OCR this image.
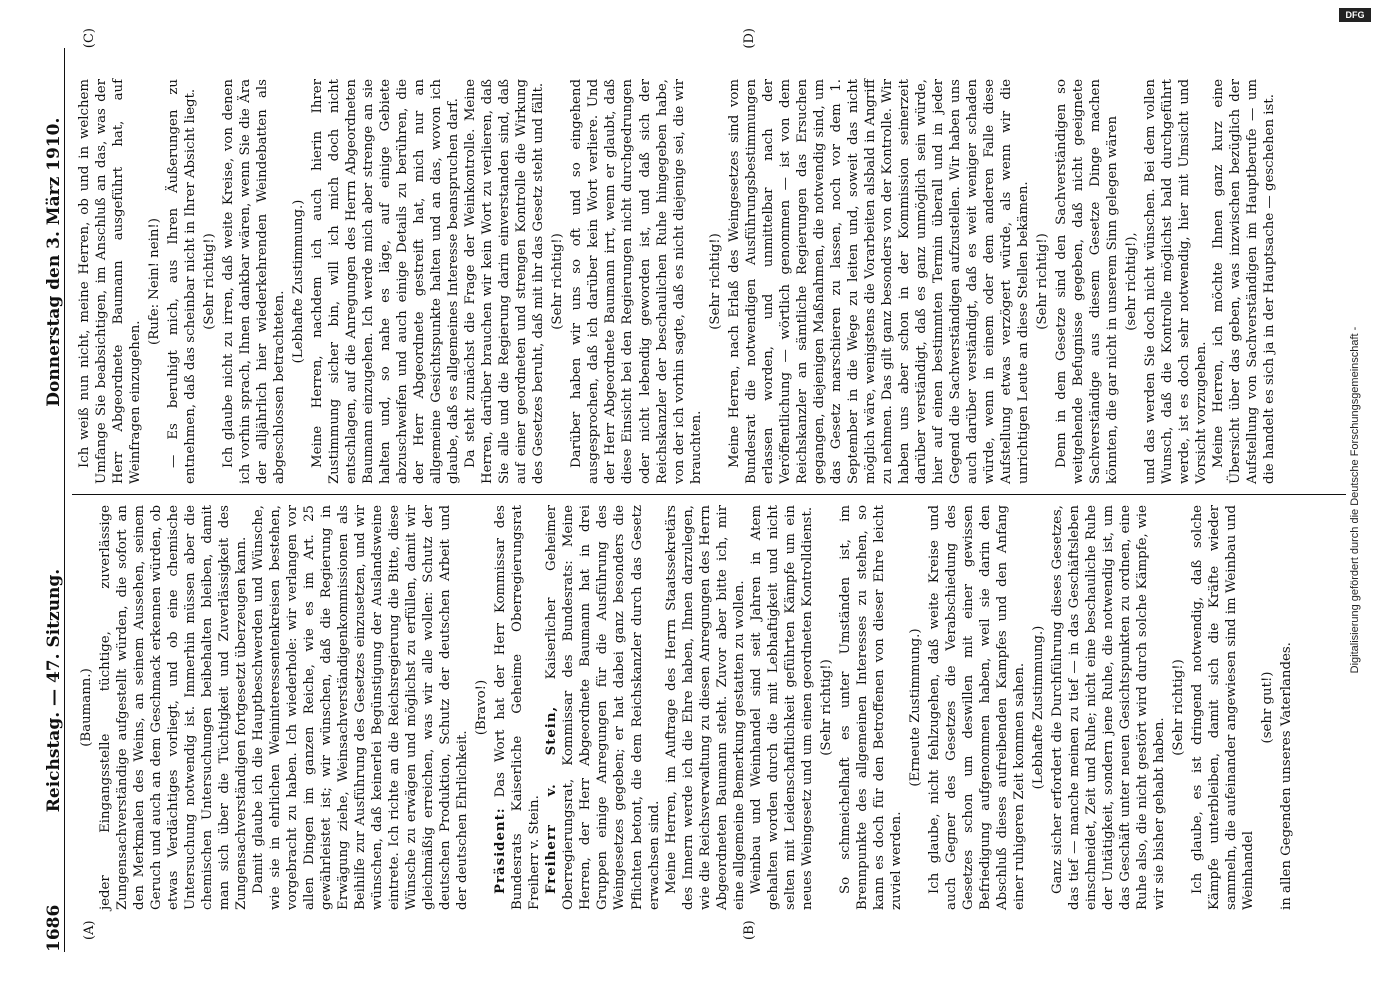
1686
Reichstag. — 47. Sitzung.
Donnerstag den 3. März 1910.
(A)	(B)
(C)	(D)

(Baumann.) jeder Eingangsstelle tüchtige, zuverlässige Zungensachverständige aufgestellt würden, die sofort an den Merkmalen des Weins, an seinem Aussehen, seinem Geruch und auch an dem Geschmack erkennen würden, ob etwas Verdächtiges vorliegt, und ob eine chemische Untersuchung notwendig ist. Immerhin müssen aber die chemischen Untersuchungen beibehalten bleiben, damit man sich über die Tüchtigkeit und Zuverlässigkeit des Zungensachverständigen fortgesetzt überzeugen kann. Damit glaube ich die Hauptbeschwerden und Wünsche, wie sie in ehrlichen Weininteressentenkreisen bestehen, vorgebracht zu haben. Ich wiederhole: wir verlangen vor allen Dingen im ganzen Reiche, wie es im Art. 25 gewährleistet ist; wir wünschen, daß die Regierung in Erwägung ziehe, Weinsachverständigenkommissionen als Beihilfe zur Ausführung des Gesetzes einzusetzen, und wir wünschen, daß keinerlei Begünstigung der Auslandsweine eintrete. Ich richte an die Reichsregierung die Bitte, diese Wünsche zu erwägen und möglichst zu erfüllen, damit wir gleichmäßig erreichen, was wir alle wollen: Schutz der deutschen Produktion, Schutz der deutschen Arbeit und der deutschen Ehrlichkeit.

(Bravo!)

Präsident: Das Wort hat der Herr Kommissar des Bundesrats Kaiserliche Geheime Oberregierungsrat Freiherr v. Stein. Freiherr v. Stein, Kaiserlicher Geheimer Oberregierungsrat, Kommissar des Bundesrats: Meine Herren, der Herr Abgeordnete Baumann hat in drei Gruppen einige Anregungen für die Ausführung des Weingesetzes gegeben; er hat dabei ganz besonders die Pflichten betont, die dem Reichskanzler durch das Gesetz erwachsen sind. Meine Herren, im Auftrage des Herrn Staatssekretärs des Innern werde ich die Ehre haben, Ihnen darzulegen, wie die Reichsverwaltung zu diesen Anregungen des Herrn Abgeordneten Baumann steht. Zuvor aber bitte ich, mir eine allgemeine Bemerkung gestatten zu wollen. Weinbau und Weinhandel sind seit Jahren in Atem gehalten worden durch die mit Lebhaftigkeit und nicht selten mit Leidenschaftlichkeit geführten Kämpfe um ein neues Weingesetz und um einen geordneten Kontrolldienst. (Sehr richtig!) So schmeichelhaft es unter Umständen ist, im Brennpunkte des allgemeinen Interesses zu stehen, so kann es doch für den Betroffenen von dieser Ehre leicht zuviel werden.

(Erneute Zustimmung.) Ich glaube, nicht fehlzugehen, daß weite Kreise und auch Gegner des Gesetzes die Verabschiedung des Gesetzes schon um deswillen mit einer gewissen Befriedigung aufgenommen haben, weil sie darin den Abschluß dieses aufreibenden Kampfes und den Anfang einer ruhigeren Zeit kommen sahen. (Lebhafte Zustimmung.) Ganz sicher erfordert die Durchführung dieses Gesetzes, das tief — manche meinen zu tief — in das Geschäftsleben einschneidet, Zeit und Ruhe; nicht eine beschauliche Ruhe der Untätigkeit, sondern jene Ruhe, die notwendig ist, um das Geschäft unter neuen Gesichtspunkten zu ordnen, eine Ruhe also, die nicht gestört wird durch solche Kämpfe, wie wir sie bisher gehabt haben.

(Sehr richtig!) Ich glaube, es ist dringend notwendig, daß solche Kämpfe unterbleiben, damit sich die Kräfte wieder sammeln, die aufeinander angewiesen sind im Weinbau und Weinhandel

(sehr gut!) in allen Gegenden unseres Vaterlandes.

Ich weiß nun nicht, meine Herren, ob und in welchem Umfange Sie beabsichtigen, im Anschluß an das, was der Herr Abgeordnete Baumann ausgeführt hat, auf Weinfragen einzugehen.

(Rufe: Nein! nein!) — Es beruhigt mich, aus Ihren Äußerungen zu entnehmen, daß das scheinbar nicht in Ihrer Absicht liegt. (Sehr richtig!) Ich glaube nicht zu irren, daß weite Kreise, von denen ich vorhin sprach, Ihnen dankbar wären, wenn Sie die Ära der alljährlich hier wiederkehrenden Weindebatten als abgeschlossen betrachteten.

(Lebhafte Zustimmung.) Meine Herren, nachdem ich auch hierin Ihrer Zustimmung sicher bin, will ich mich doch nicht entschlagen, auf die Anregungen des Herrn Abgeordneten Baumann einzugehen. Ich werde mich aber strenge an sie halten und, so nahe es läge, auf einige Gebiete abzuschweifen und auch einige Details zu berühren, die der Herr Abgeordnete gestreift hat, mich nur an allgemeine Gesichtspunkte halten und an das, wovon ich glaube, daß es allgemeines Interesse beanspruchen darf. Da steht zunächst die Frage der Weinkontrolle. Meine Herren, darüber brauchen wir kein Wort zu verlieren, daß Sie alle und die Regierung darin einverstanden sind, daß auf einer geordneten und strengen Kontrolle die Wirkung des Gesetzes beruht, daß mit ihr das Gesetz steht und fällt. (Sehr richtig!) Darüber haben wir uns so oft und so eingehend ausgesprochen, daß ich darüber kein Wort verliere. Und der Herr Abgeordnete Baumann irrt, wenn er glaubt, daß diese Einsicht bei den Regierungen nicht durchgedrungen oder nicht lebendig geworden ist, und daß sich der Reichskanzler der beschaulichen Ruhe hingegeben habe, von der ich vorhin sagte, daß es nicht diejenige sei, die wir brauchten.

(Sehr richtig!) Meine Herren, nach Erlaß des Weingesetzes sind vom Bundesrat die notwendigen Ausführungsbestimmungen erlassen worden, und unmittelbar nach der Veröffentlichung — wörtlich genommen — ist von dem Reichskanzler an sämtliche Regierungen das Ersuchen gegangen, diejenigen Maßnahmen, die notwendig sind, um das Gesetz marschieren zu lassen, noch vor dem 1. September in die Wege zu leiten und, soweit das nicht möglich wäre, wenigstens die Vorarbeiten alsbald in Angriff zu nehmen. Das gilt ganz besonders von der Kontrolle. Wir haben uns aber schon in der Kommission seinerzeit darüber verständigt, daß es ganz unmöglich sein würde, hier auf einen bestimmten Termin überall und in jeder Gegend die Sachverständigen aufzustellen. Wir haben uns auch darüber verständigt, daß es weit weniger schaden würde, wenn in einem oder dem anderen Falle diese Aufstellung etwas verzögert würde, als wenn wir die unrichtigen Leute an diese Stellen bekämen. (Sehr richtig!) Denn in dem Gesetze sind den Sachverständigen so weitgehende Befugnisse gegeben, daß nicht geeignete Sachverständige aus diesem Gesetze Dinge machen könnten, die gar nicht in unserem Sinn gelegen wären (sehr richtig!), und das werden Sie doch nicht wünschen. Bei dem vollen Wunsch, daß die Kontrolle möglichst bald durchgeführt werde, ist es doch sehr notwendig, hier mit Umsicht und Vorsicht vorzugehen. Meine Herren, ich möchte Ihnen ganz kurz eine Übersicht über das geben, was inzwischen bezüglich der Aufstellung von Sachverständigen im Hauptberufe — um die handelt es sich ja in der Hauptsache — geschehen ist.

DFG
Digitalisierung gefördert durch die Deutsche Forschungsgemeinschaft -
